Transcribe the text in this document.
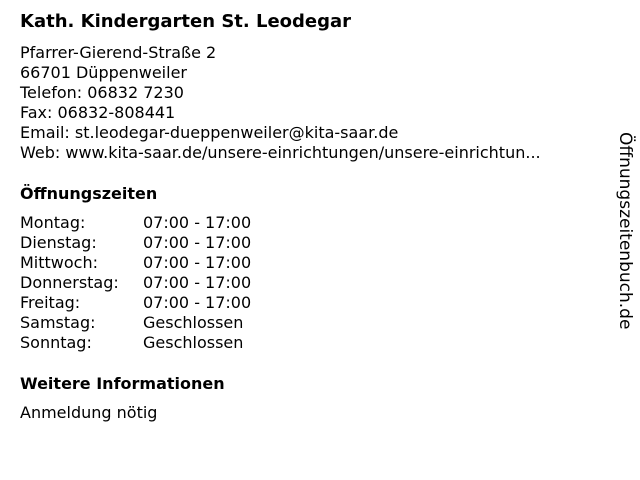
Kath. Kindergarten St. Leodegar
Pfarrer-Gierend-Straße 2
66701 Düppenweiler
Telefon: 06832 7230
Fax: 06832-808441
Email: st.leodegar-dueppenweiler@kita-saar.de
Web: www.kita-saar.de/unsere-einrichtungen/unsere-einrichtun...
Öffnungszeiten
Montag:	07:00 - 17:00
Dienstag:	07:00 - 17:00
Mittwoch:	07:00 - 17:00
Donnerstag:	07:00 - 17:00
Freitag:	07:00 - 17:00
Samstag:	Geschlossen
Sonntag:	Geschlossen
Weitere Informationen
Anmeldung nötig
Öffnungszeitenbuch.de
